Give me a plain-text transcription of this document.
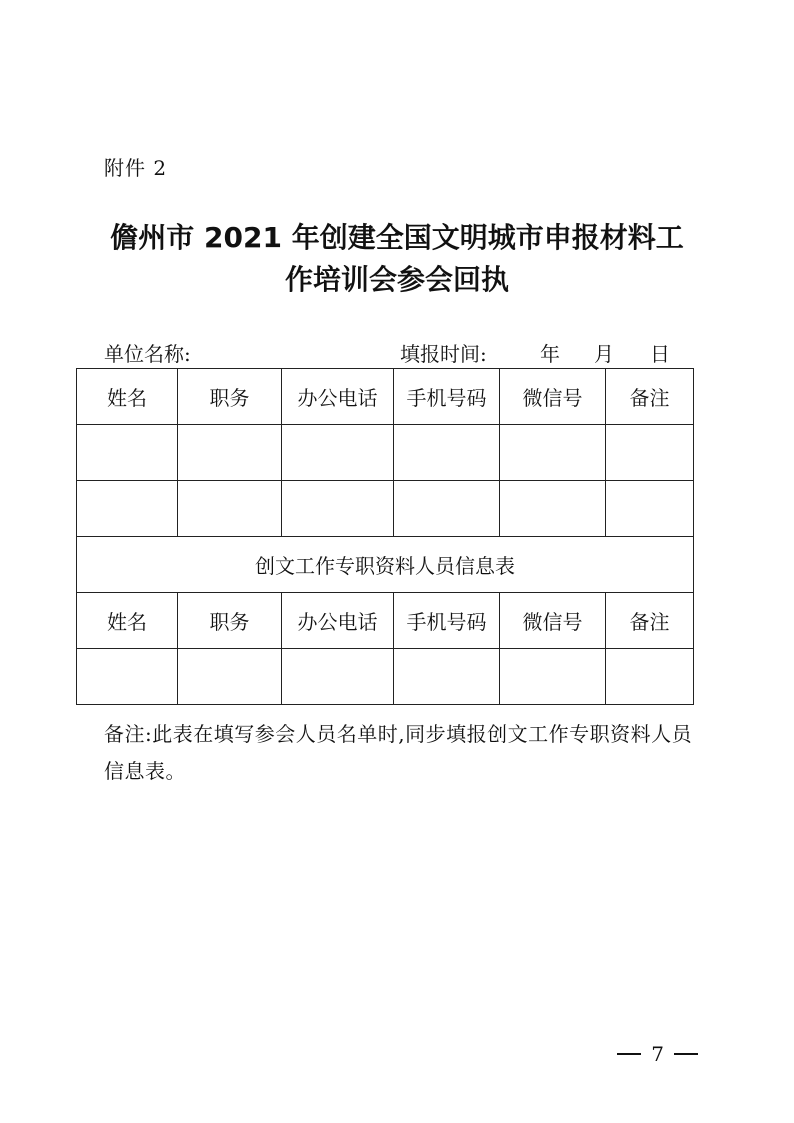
附件 2
儋州市 2021 年创建全国文明城市申报材料工
作培训会参会回执
单位名称:	填报时间:	年 月 日
姓名	职务	办公电话	手机号码	微信号	备注

创文工作专职资料人员信息表					
姓名	职务	办公电话	手机号码	微信号	备注

备注:此表在填写参会人员名单时,同步填报创文工作专职资料人员信息表。
7
